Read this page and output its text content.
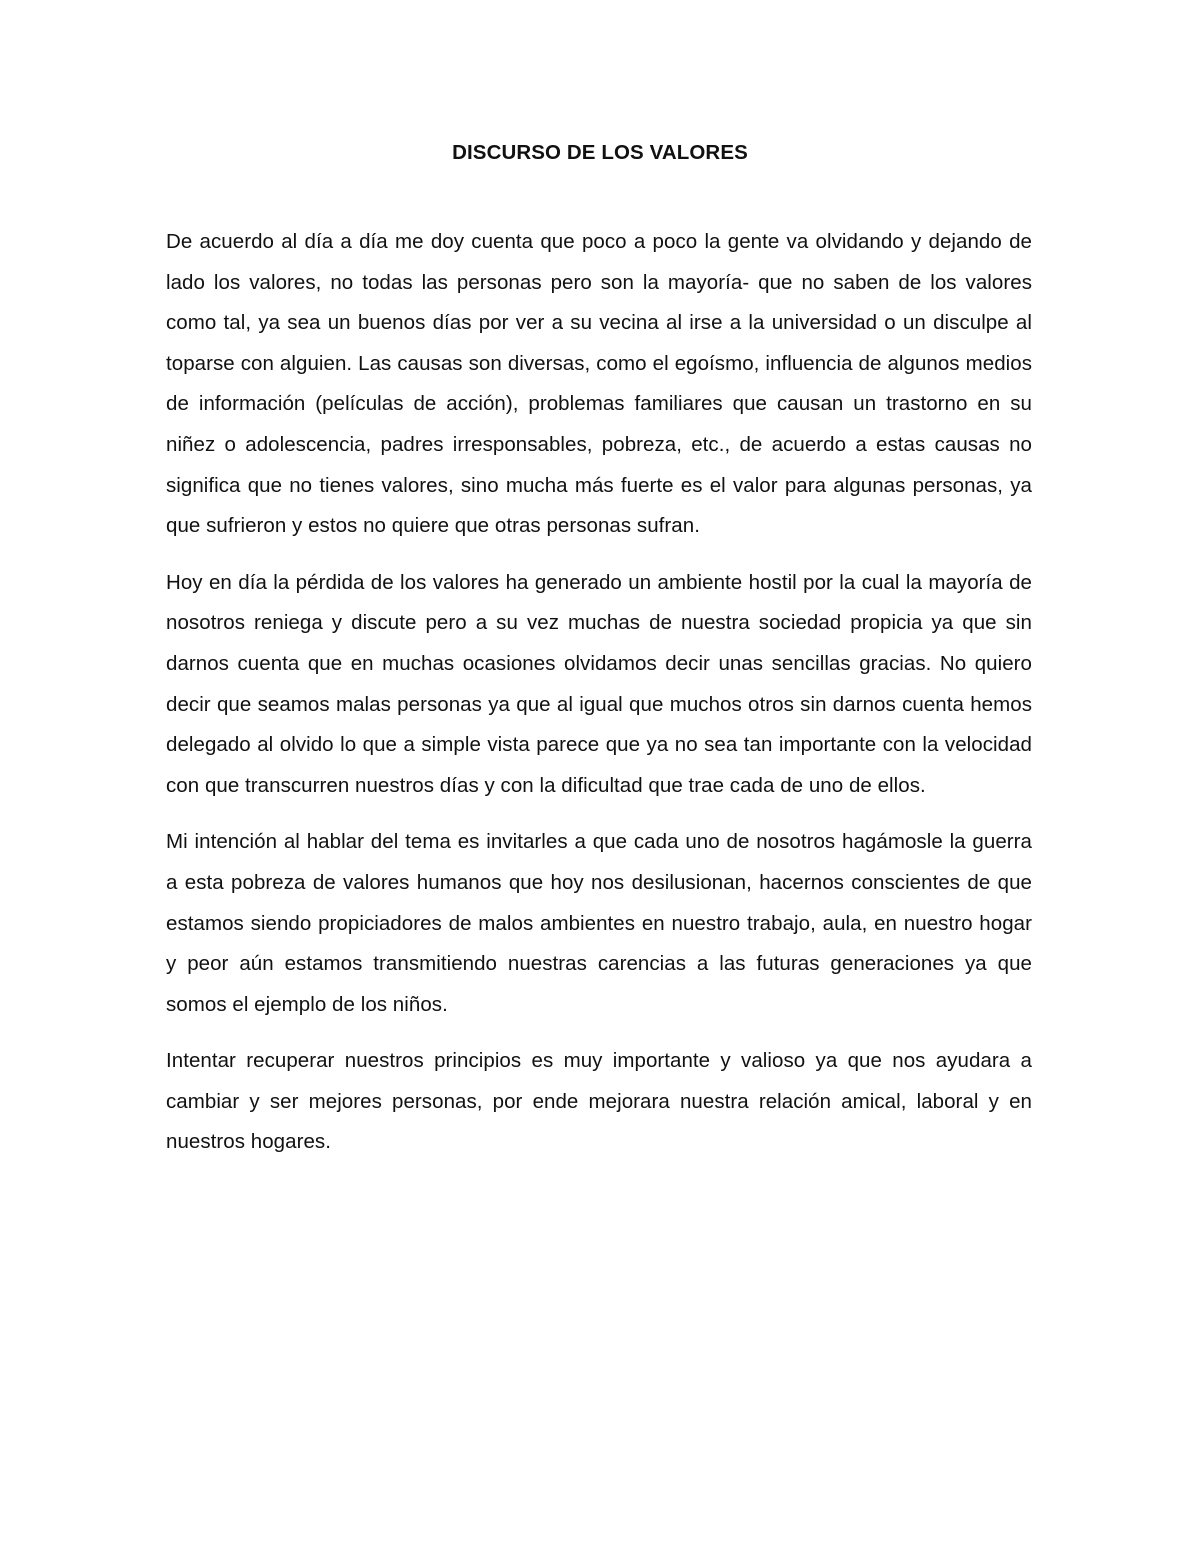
DISCURSO DE LOS VALORES

De acuerdo al día a día me doy cuenta que poco a poco la gente va olvidando y dejando de lado los valores, no todas las personas pero son la mayoría- que no saben de los valores como tal, ya sea un buenos días por ver a su vecina al irse a la universidad o un disculpe al toparse con alguien. Las causas son diversas, como el egoísmo, influencia de algunos medios de información (películas de acción), problemas familiares que causan un trastorno en su niñez o adolescencia, padres irresponsables, pobreza, etc., de acuerdo a estas causas no significa que no tienes valores, sino mucha más fuerte es el valor para algunas personas, ya que sufrieron y estos no quiere que otras personas sufran.

Hoy en día la pérdida de los valores ha generado un ambiente hostil por la cual la mayoría de nosotros reniega y discute pero a su vez muchas de nuestra sociedad propicia ya que sin darnos cuenta que en muchas ocasiones olvidamos decir unas sencillas gracias. No quiero decir que seamos malas personas ya que al igual que muchos otros sin darnos cuenta hemos delegado al olvido lo que a simple vista parece que ya no sea tan importante con la velocidad con que transcurren nuestros días y con la dificultad que trae cada de uno de ellos.

Mi intención al hablar del tema es invitarles a que cada uno de nosotros hagámosle la guerra a esta pobreza de valores humanos que hoy nos desilusionan, hacernos conscientes de que estamos siendo propiciadores de malos ambientes en nuestro trabajo, aula, en nuestro hogar y peor aún estamos transmitiendo nuestras carencias a las futuras generaciones ya que somos el ejemplo de los niños.

Intentar recuperar nuestros principios es muy importante y valioso ya que nos ayudara a cambiar y ser mejores personas, por ende mejorara nuestra relación amical, laboral y en nuestros hogares.
